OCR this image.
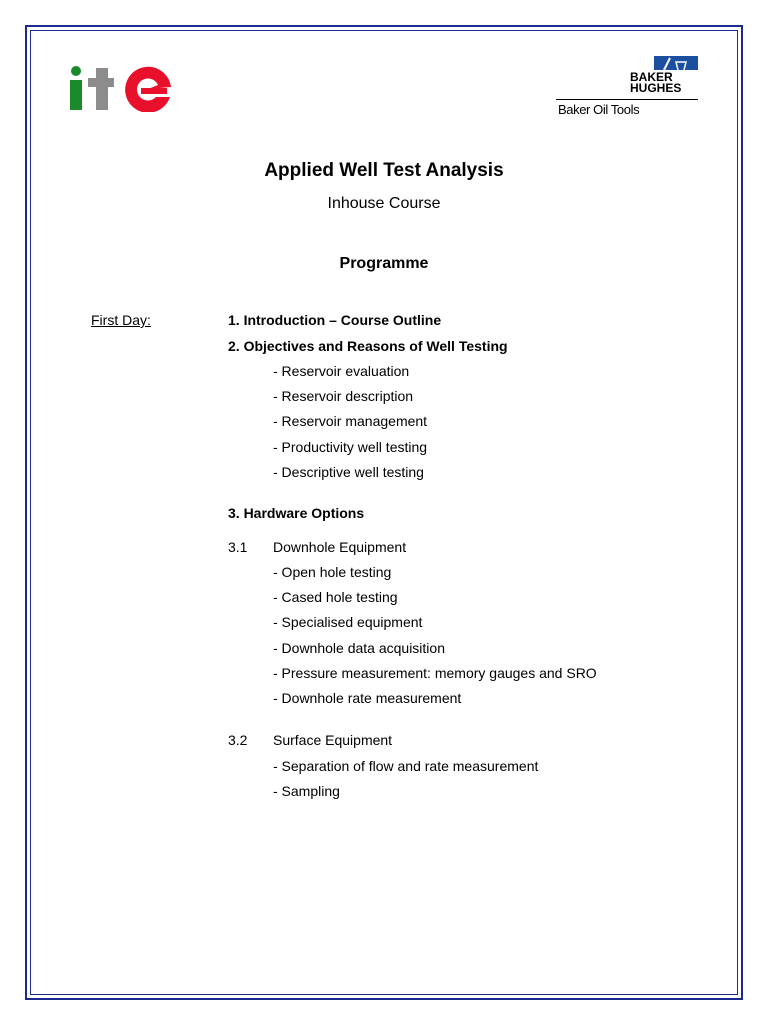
BAKER
HUGHES
Baker Oil Tools
Applied Well Test Analysis
Inhouse Course
Programme
First Day:	1. Introduction – Course Outline
2. Objectives and Reasons of Well Testing
- Reservoir evaluation
- Reservoir description
- Reservoir management
- Productivity well testing
- Descriptive well testing
3. Hardware Options
3.1 Downhole Equipment
- Open hole testing
- Cased hole testing
- Specialised equipment
- Downhole data acquisition
- Pressure measurement: memory gauges and SRO
- Downhole rate measurement
3.2 Surface Equipment
- Separation of flow and rate measurement
- Sampling
